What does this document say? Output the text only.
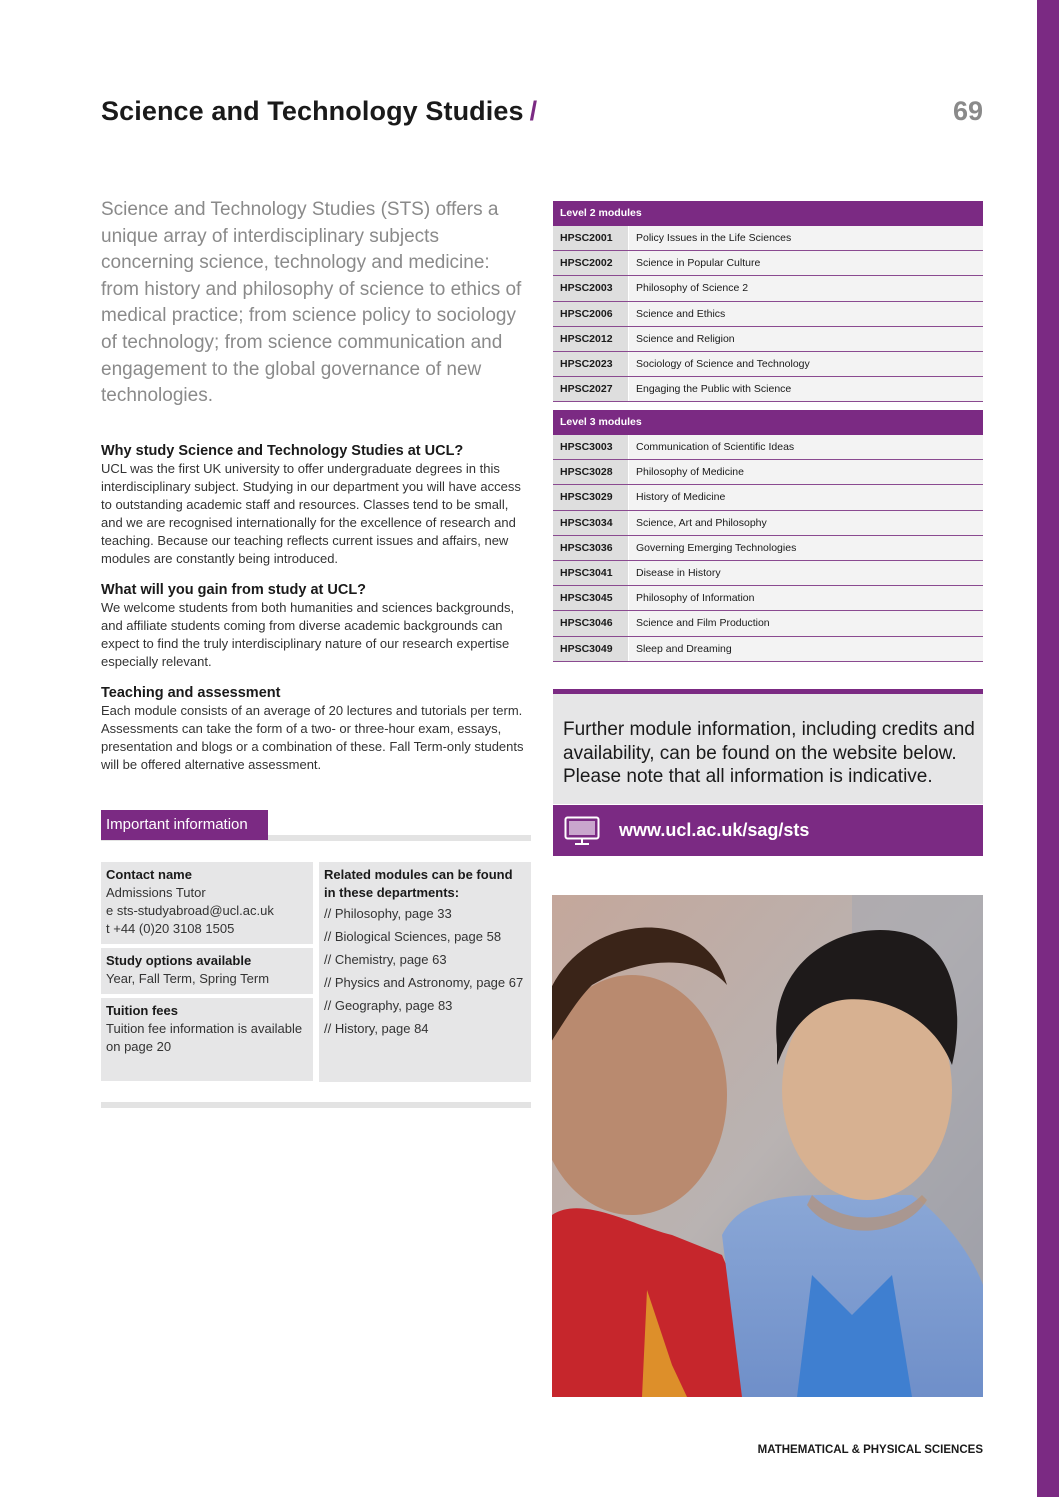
Science and Technology Studies /	69

Science and Technology Studies (STS) offers a unique array of interdisciplinary subjects concerning science, technology and medicine: from history and philosophy of science to ethics of medical practice; from science policy to sociology of technology; from science communication and engagement to the global governance of new technologies.

Why study Science and Technology Studies at UCL?

UCL was the first UK university to offer undergraduate degrees in this interdisciplinary subject. Studying in our department you will have access to outstanding academic staff and resources. Classes tend to be small, and we are recognised internationally for the excellence of research and teaching. Because our teaching reflects current issues and affairs, new modules are constantly being introduced.

What will you gain from study at UCL?

We welcome students from both humanities and sciences backgrounds, and affiliate students coming from diverse academic backgrounds can expect to find the truly interdisciplinary nature of our research expertise especially relevant.

Teaching and assessment

Each module consists of an average of 20 lectures and tutorials per term. Assessments can take the form of a two- or three-hour exam, essays, presentation and blogs or a combination of these. Fall Term-only students will be offered alternative assessment.

Important information
Contact name
Admissions Tutor
e sts-studyabroad@ucl.ac.uk
t +44 (0)20 3108 1505
Study options available
Year, Fall Term, Spring Term
Tuition fees
Tuition fee information is available on page 20
Related modules can be found in these departments:
// Philosophy, page 33
// Biological Sciences, page 58
// Chemistry, page 63
// Physics and Astronomy, page 67
// Geography, page 83
// History, page 84
Level 2 modules
HPSC2001	Policy Issues in the Life Sciences
HPSC2002	Science in Popular Culture
HPSC2003	Philosophy of Science 2
HPSC2006	Science and Ethics
HPSC2012	Science and Religion
HPSC2023	Sociology of Science and Technology
HPSC2027	Engaging the Public with Science
Level 3 modules
HPSC3003	Communication of Scientific Ideas
HPSC3028	Philosophy of Medicine
HPSC3029	History of Medicine
HPSC3034	Science, Art and Philosophy
HPSC3036	Governing Emerging Technologies
HPSC3041	Disease in History
HPSC3045	Philosophy of Information
HPSC3046	Science and Film Production
HPSC3049	Sleep and Dreaming

Further module information, including credits and availability, can be found on the website below. Please note that all information is indicative.

www.ucl.ac.uk/sag/sts
MATHEMATICAL & PHYSICAL SCIENCES
